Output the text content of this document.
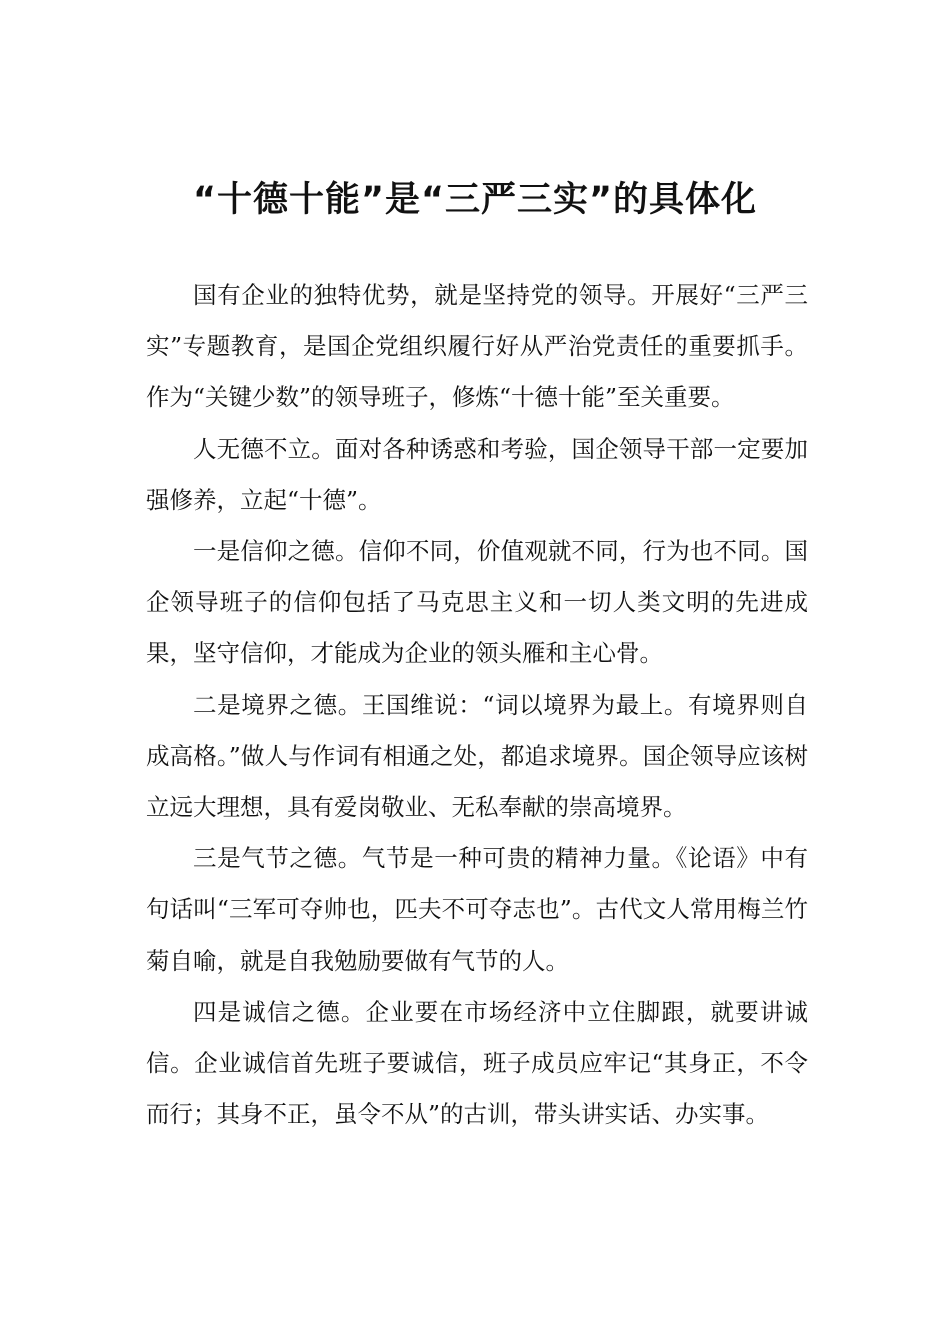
“十德十能”是“三严三实”的具体化

国有企业的独特优势，就是坚持党的领导。开展好“三严三实”专题教育，是国企党组织履行好从严治党责任的重要抓手。作为“关键少数”的领导班子，修炼“十德十能”至关重要。

人无德不立。面对各种诱惑和考验，国企领导干部一定要加强修养，立起“十德”。

一是信仰之德。信仰不同，价值观就不同，行为也不同。国企领导班子的信仰包括了马克思主义和一切人类文明的先进成果，坚守信仰，才能成为企业的领头雁和主心骨。

二是境界之德。王国维说：“词以境界为最上。有境界则自成高格。”做人与作词有相通之处，都追求境界。国企领导应该树立远大理想，具有爱岗敬业、无私奉献的崇高境界。

三是气节之德。气节是一种可贵的精神力量。《论语》中有句话叫“三军可夺帅也，匹夫不可夺志也”。古代文人常用梅兰竹菊自喻，就是自我勉励要做有气节的人。

四是诚信之德。企业要在市场经济中立住脚跟，就要讲诚信。企业诚信首先班子要诚信，班子成员应牢记“其身正，不令而行；其身不正，虽令不从”的古训，带头讲实话、办实事。
